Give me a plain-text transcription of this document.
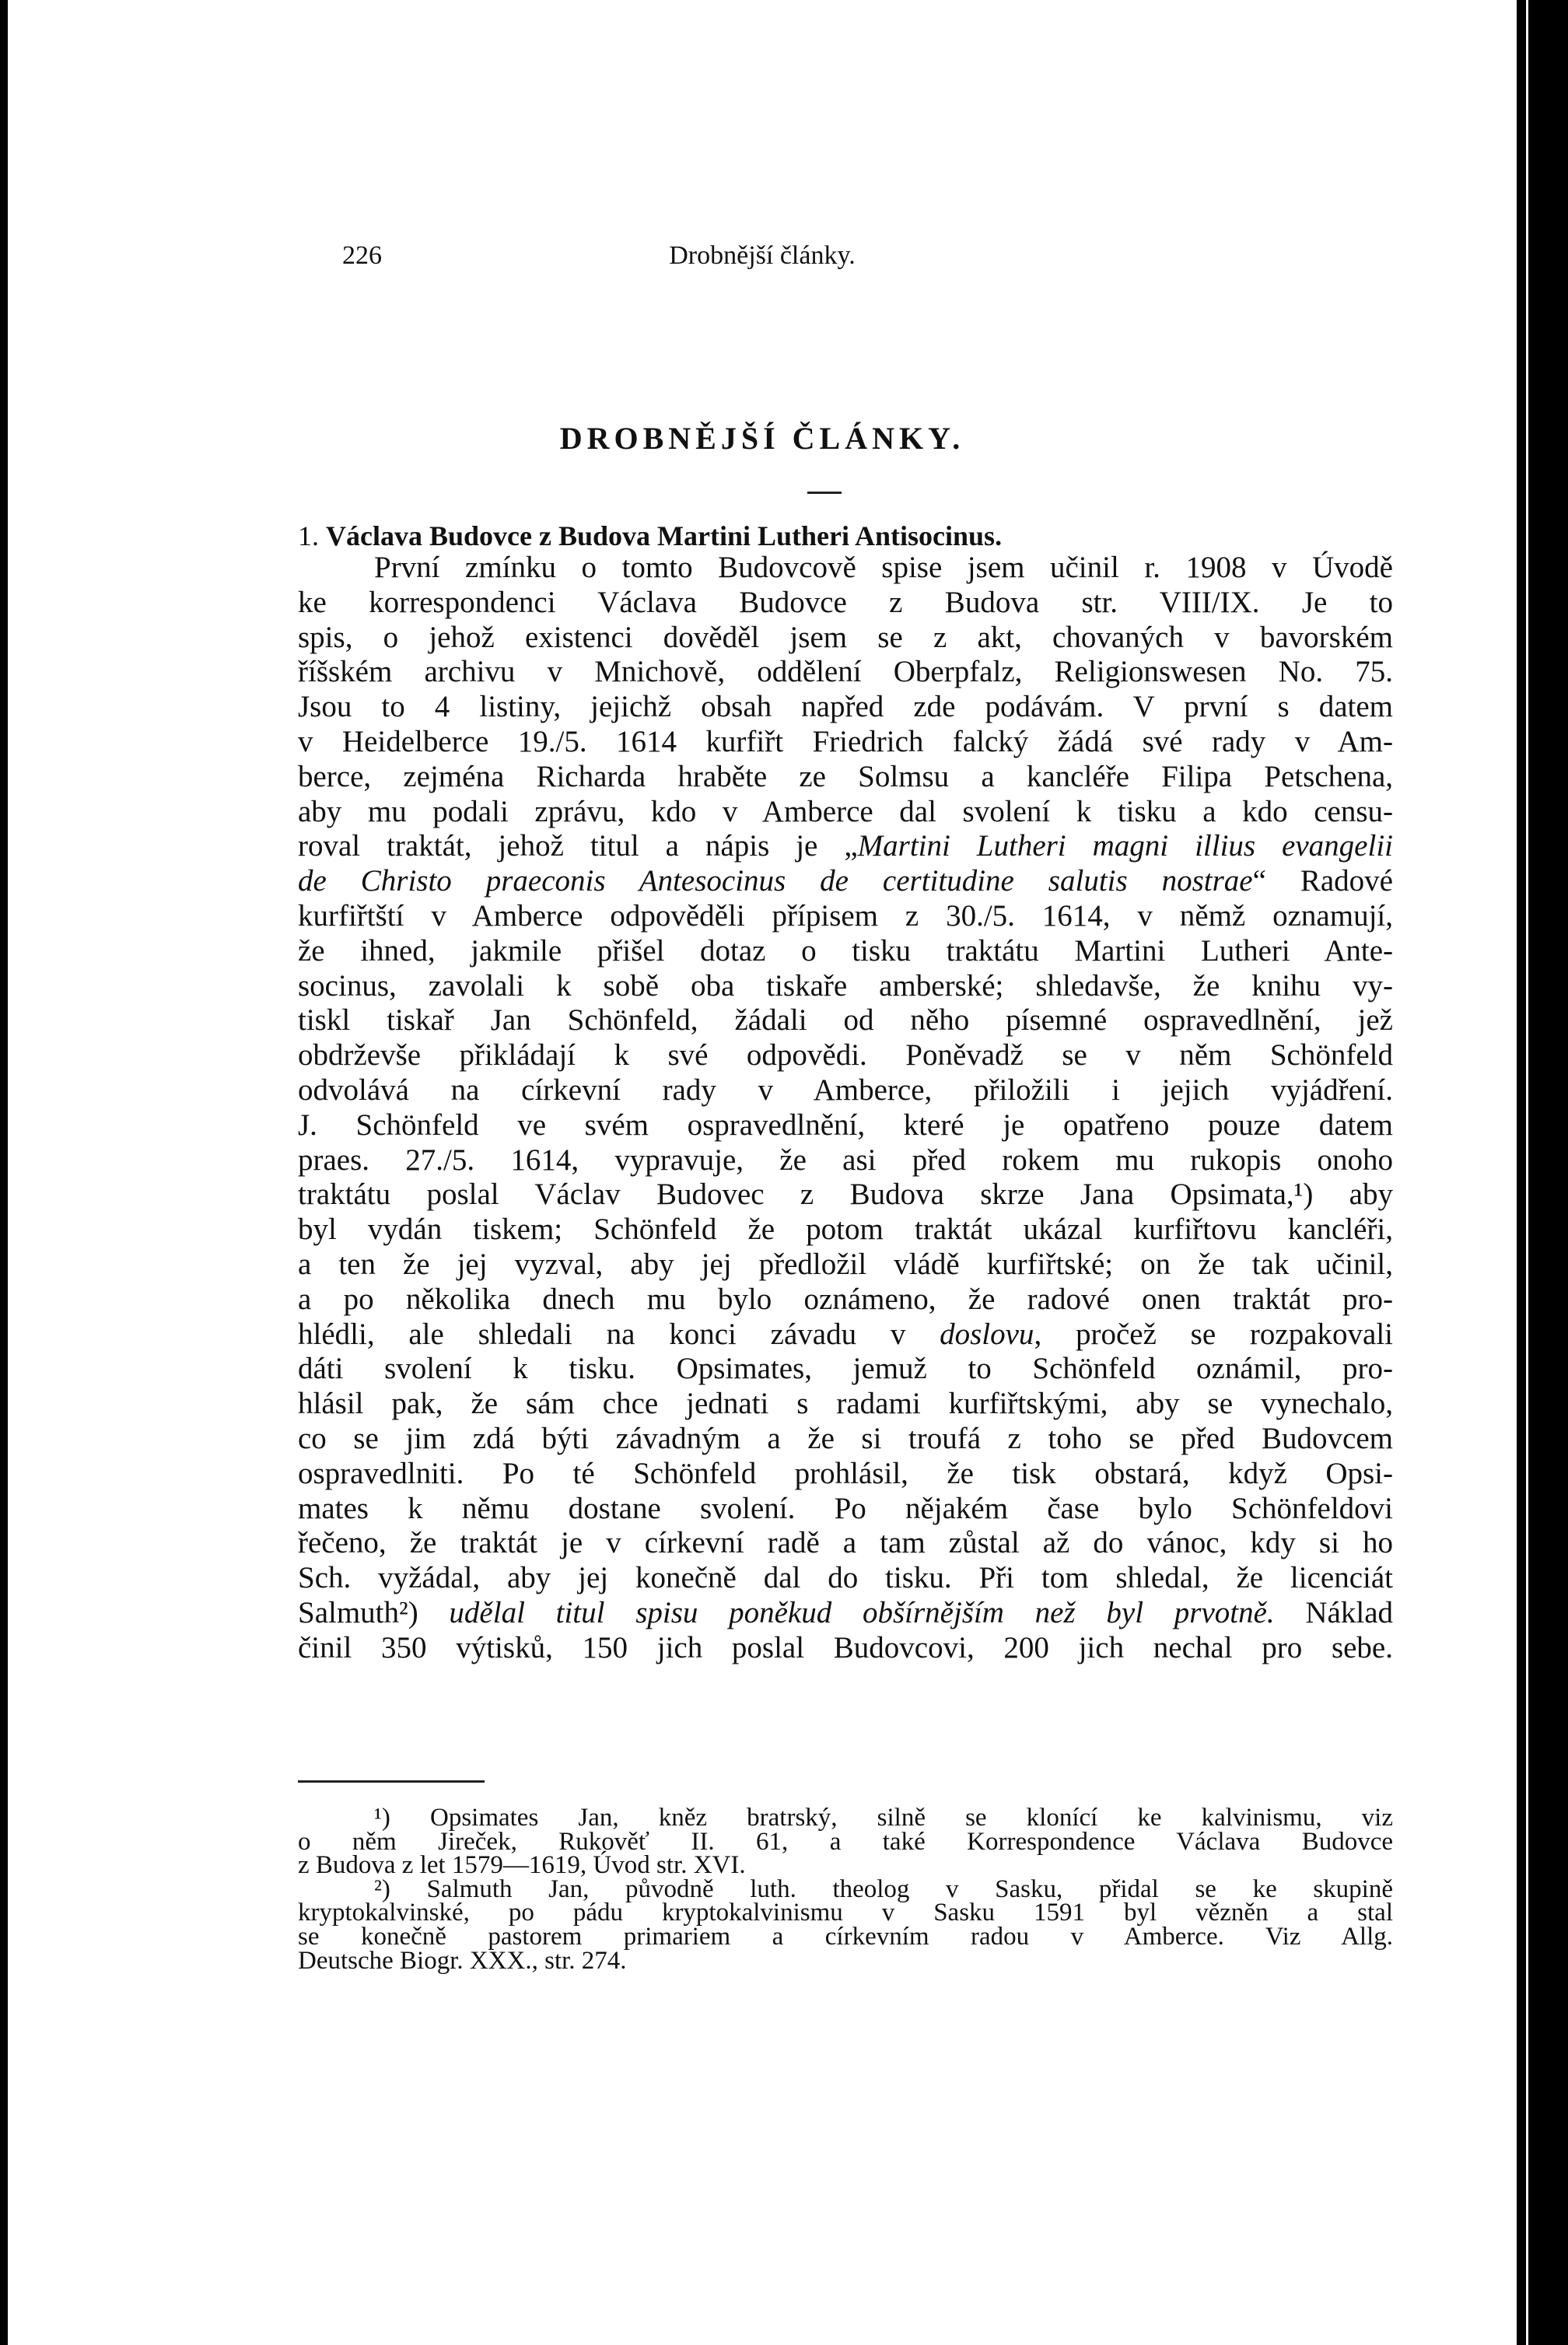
Drobnější články.
226
DROBNĚJŠÍ ČLÁNKY.
1. Václava Budovce z Budova Martini Lutheri Antisocinus.
První zmínku o tomto Budovcově spise jsem učinil r. 1908 v Úvodě
ke korrespondenci Václava Budovce z Budova str. VIII/IX. Je to
spis, o jehož existenci dověděl jsem se z akt, chovaných v bavorském
říšském archivu v Mnichově, oddělení Oberpfalz, Religionswesen No. 75.
Jsou to 4 listiny, jejichž obsah napřed zde podávám. V první s datem
v Heidelberce 19./5. 1614 kurfiřt Friedrich falcký žádá své rady v Am-
berce, zejména Richarda hraběte ze Solmsu a kancléře Filipa Petschena,
aby mu podali zprávu, kdo v Amberce dal svolení k tisku a kdo censu-
roval traktát, jehož titul a nápis je „Martini Lutheri magni illius evangelii
de Christo praeconis Antesocinus de certitudine salutis nostrae“ Radové
kurfiřtští v Amberce odpověděli přípisem z 30./5. 1614, v němž oznamují,
že ihned, jakmile přišel dotaz o tisku traktátu Martini Lutheri Ante-
socinus, zavolali k sobě oba tiskaře amberské; shledavše, že knihu vy-
tiskl tiskař Jan Schönfeld, žádali od něho písemné ospravedlnění, jež
obdrževše přikládají k své odpovědi. Poněvadž se v něm Schönfeld
odvolává na církevní rady v Amberce, přiložili i jejich vyjádření.
J. Schönfeld ve svém ospravedlnění, které je opatřeno pouze datem
praes. 27./5. 1614, vypravuje, že asi před rokem mu rukopis onoho
traktátu poslal Václav Budovec z Budova skrze Jana Opsimata,¹) aby
byl vydán tiskem; Schönfeld že potom traktát ukázal kurfiřtovu kancléři,
a ten že jej vyzval, aby jej předložil vládě kurfiřtské; on že tak učinil,
a po několika dnech mu bylo oznámeno, že radové onen traktát pro-
hlédli, ale shledali na konci závadu v doslovu, pročež se rozpakovali
dáti svolení k tisku. Opsimates, jemuž to Schönfeld oznámil, pro-
hlásil pak, že sám chce jednati s radami kurfiřtskými, aby se vynechalo,
co se jim zdá býti závadným a že si troufá z toho se před Budovcem
ospravedlniti. Po té Schönfeld prohlásil, že tisk obstará, když Opsi-
mates k němu dostane svolení. Po nějakém čase bylo Schönfeldovi
řečeno, že traktát je v církevní radě a tam zůstal až do vánoc, kdy si ho
Sch. vyžádal, aby jej konečně dal do tisku. Při tom shledal, že licenciát
Salmuth²) udělal titul spisu poněkud obšírnějším než byl prvotně. Náklad
činil 350 výtisků, 150 jich poslal Budovcovi, 200 jich nechal pro sebe.
¹) Opsimates Jan, kněz bratrský, silně se klonící ke kalvinismu, viz
o něm Jireček, Rukověť II. 61, a také Korrespondence Václava Budovce
z Budova z let 1579—1619, Úvod str. XVI.
²) Salmuth Jan, původně luth. theolog v Sasku, přidal se ke skupině
kryptokalvinské, po pádu kryptokalvinismu v Sasku 1591 byl vězněn a stal
se konečně pastorem primariem a církevním radou v Amberce. Viz Allg.
Deutsche Biogr. XXX., str. 274.
